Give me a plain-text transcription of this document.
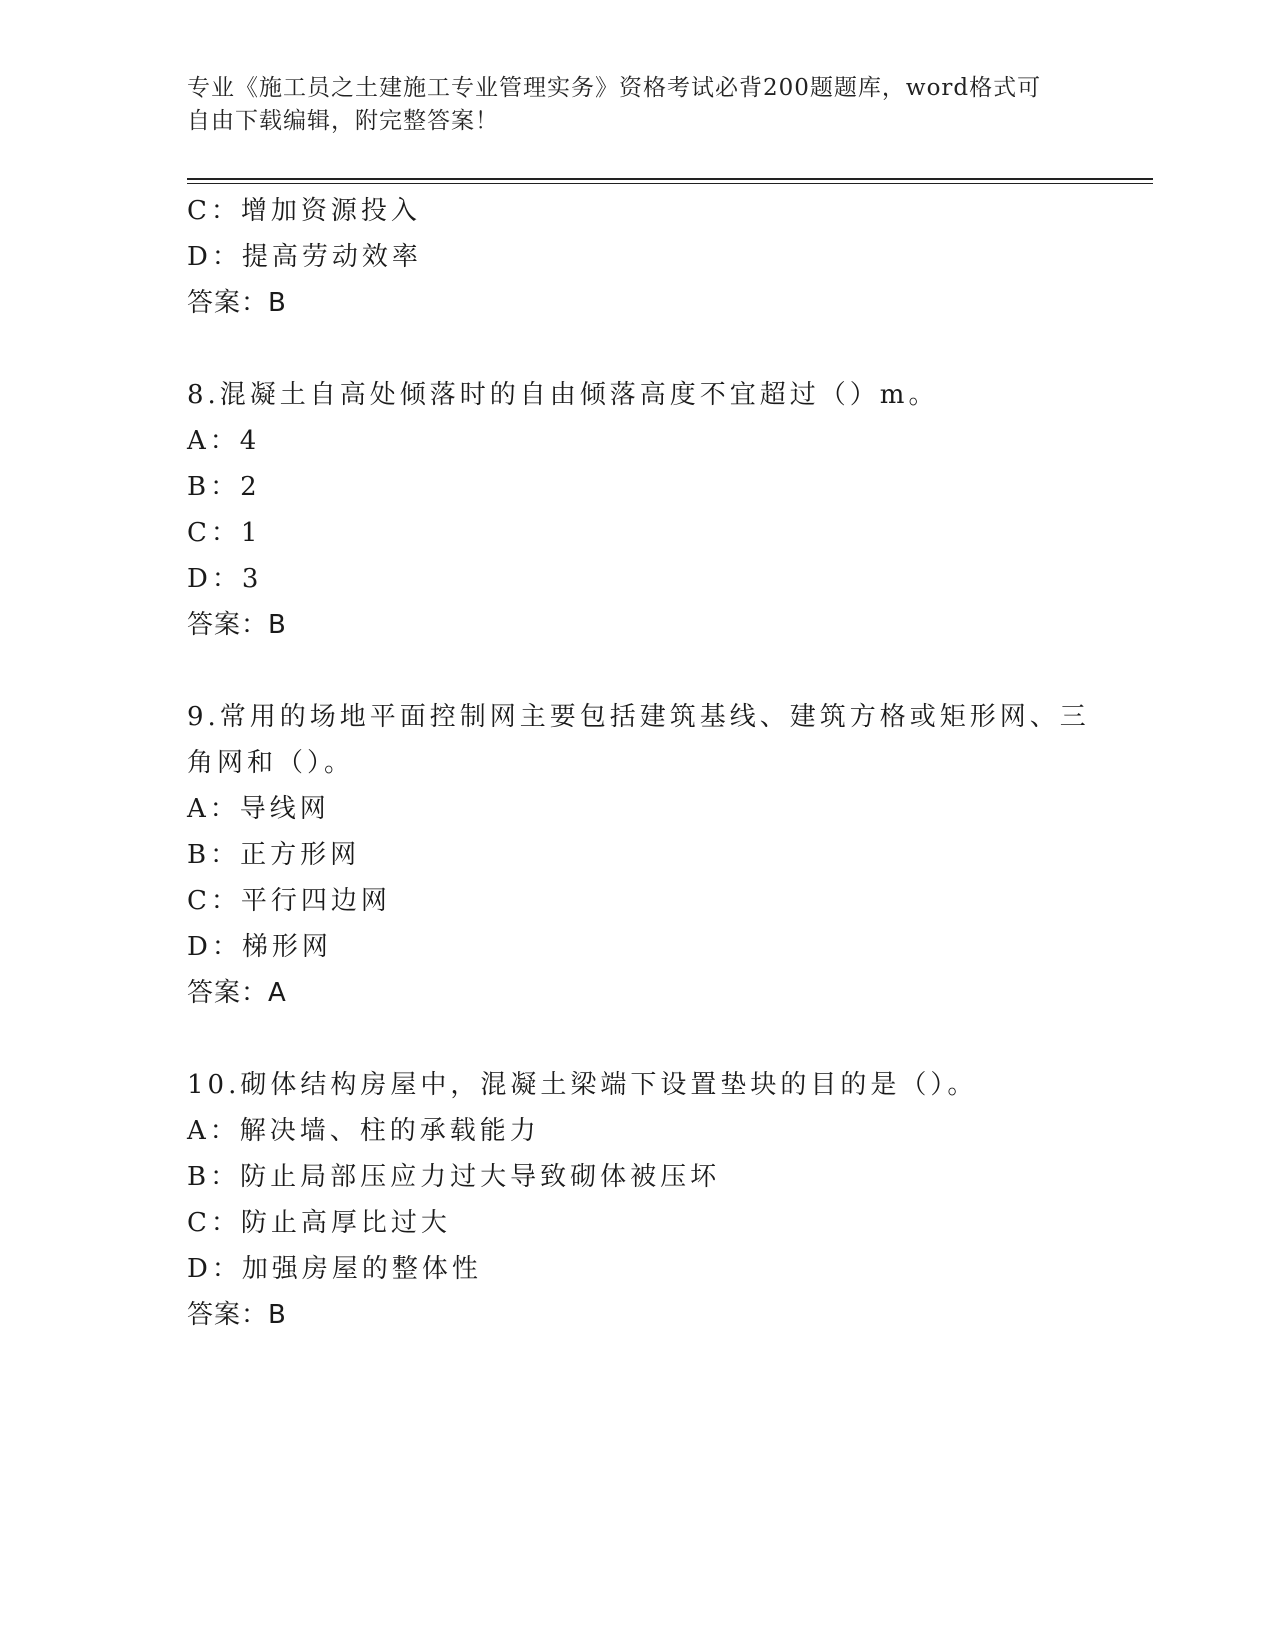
专业《施工员之土建施工专业管理实务》资格考试必背200题题库，word格式可
自由下载编辑，附完整答案！
C：增加资源投入
D：提高劳动效率
答案：B
8.混凝土自高处倾落时的自由倾落高度不宜超过（）m。
A：4
B：2
C：1
D：3
答案：B
9.常用的场地平面控制网主要包括建筑基线、建筑方格或矩形网、三
角网和（）。
A：导线网
B：正方形网
C：平行四边网
D：梯形网
答案：A
10.砌体结构房屋中，混凝土梁端下设置垫块的目的是（）。
A：解决墙、柱的承载能力
B：防止局部压应力过大导致砌体被压坏
C：防止高厚比过大
D：加强房屋的整体性
答案：B
